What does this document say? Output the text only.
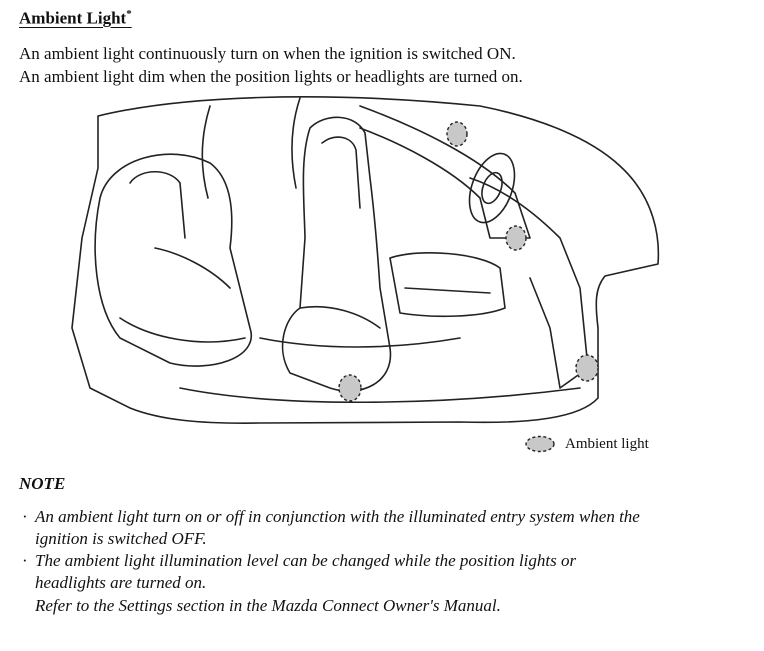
Ambient Light*
An ambient light continuously turn on when the ignition is switched ON.
An ambient light dim when the position lights or headlights are turned on.
Ambient light
NOTE
· An ambient light turn on or off in conjunction with the illuminated entry system when the
ignition is switched OFF.
· The ambient light illumination level can be changed while the position lights or
headlights are turned on.
Refer to the Settings section in the Mazda Connect Owner's Manual.
